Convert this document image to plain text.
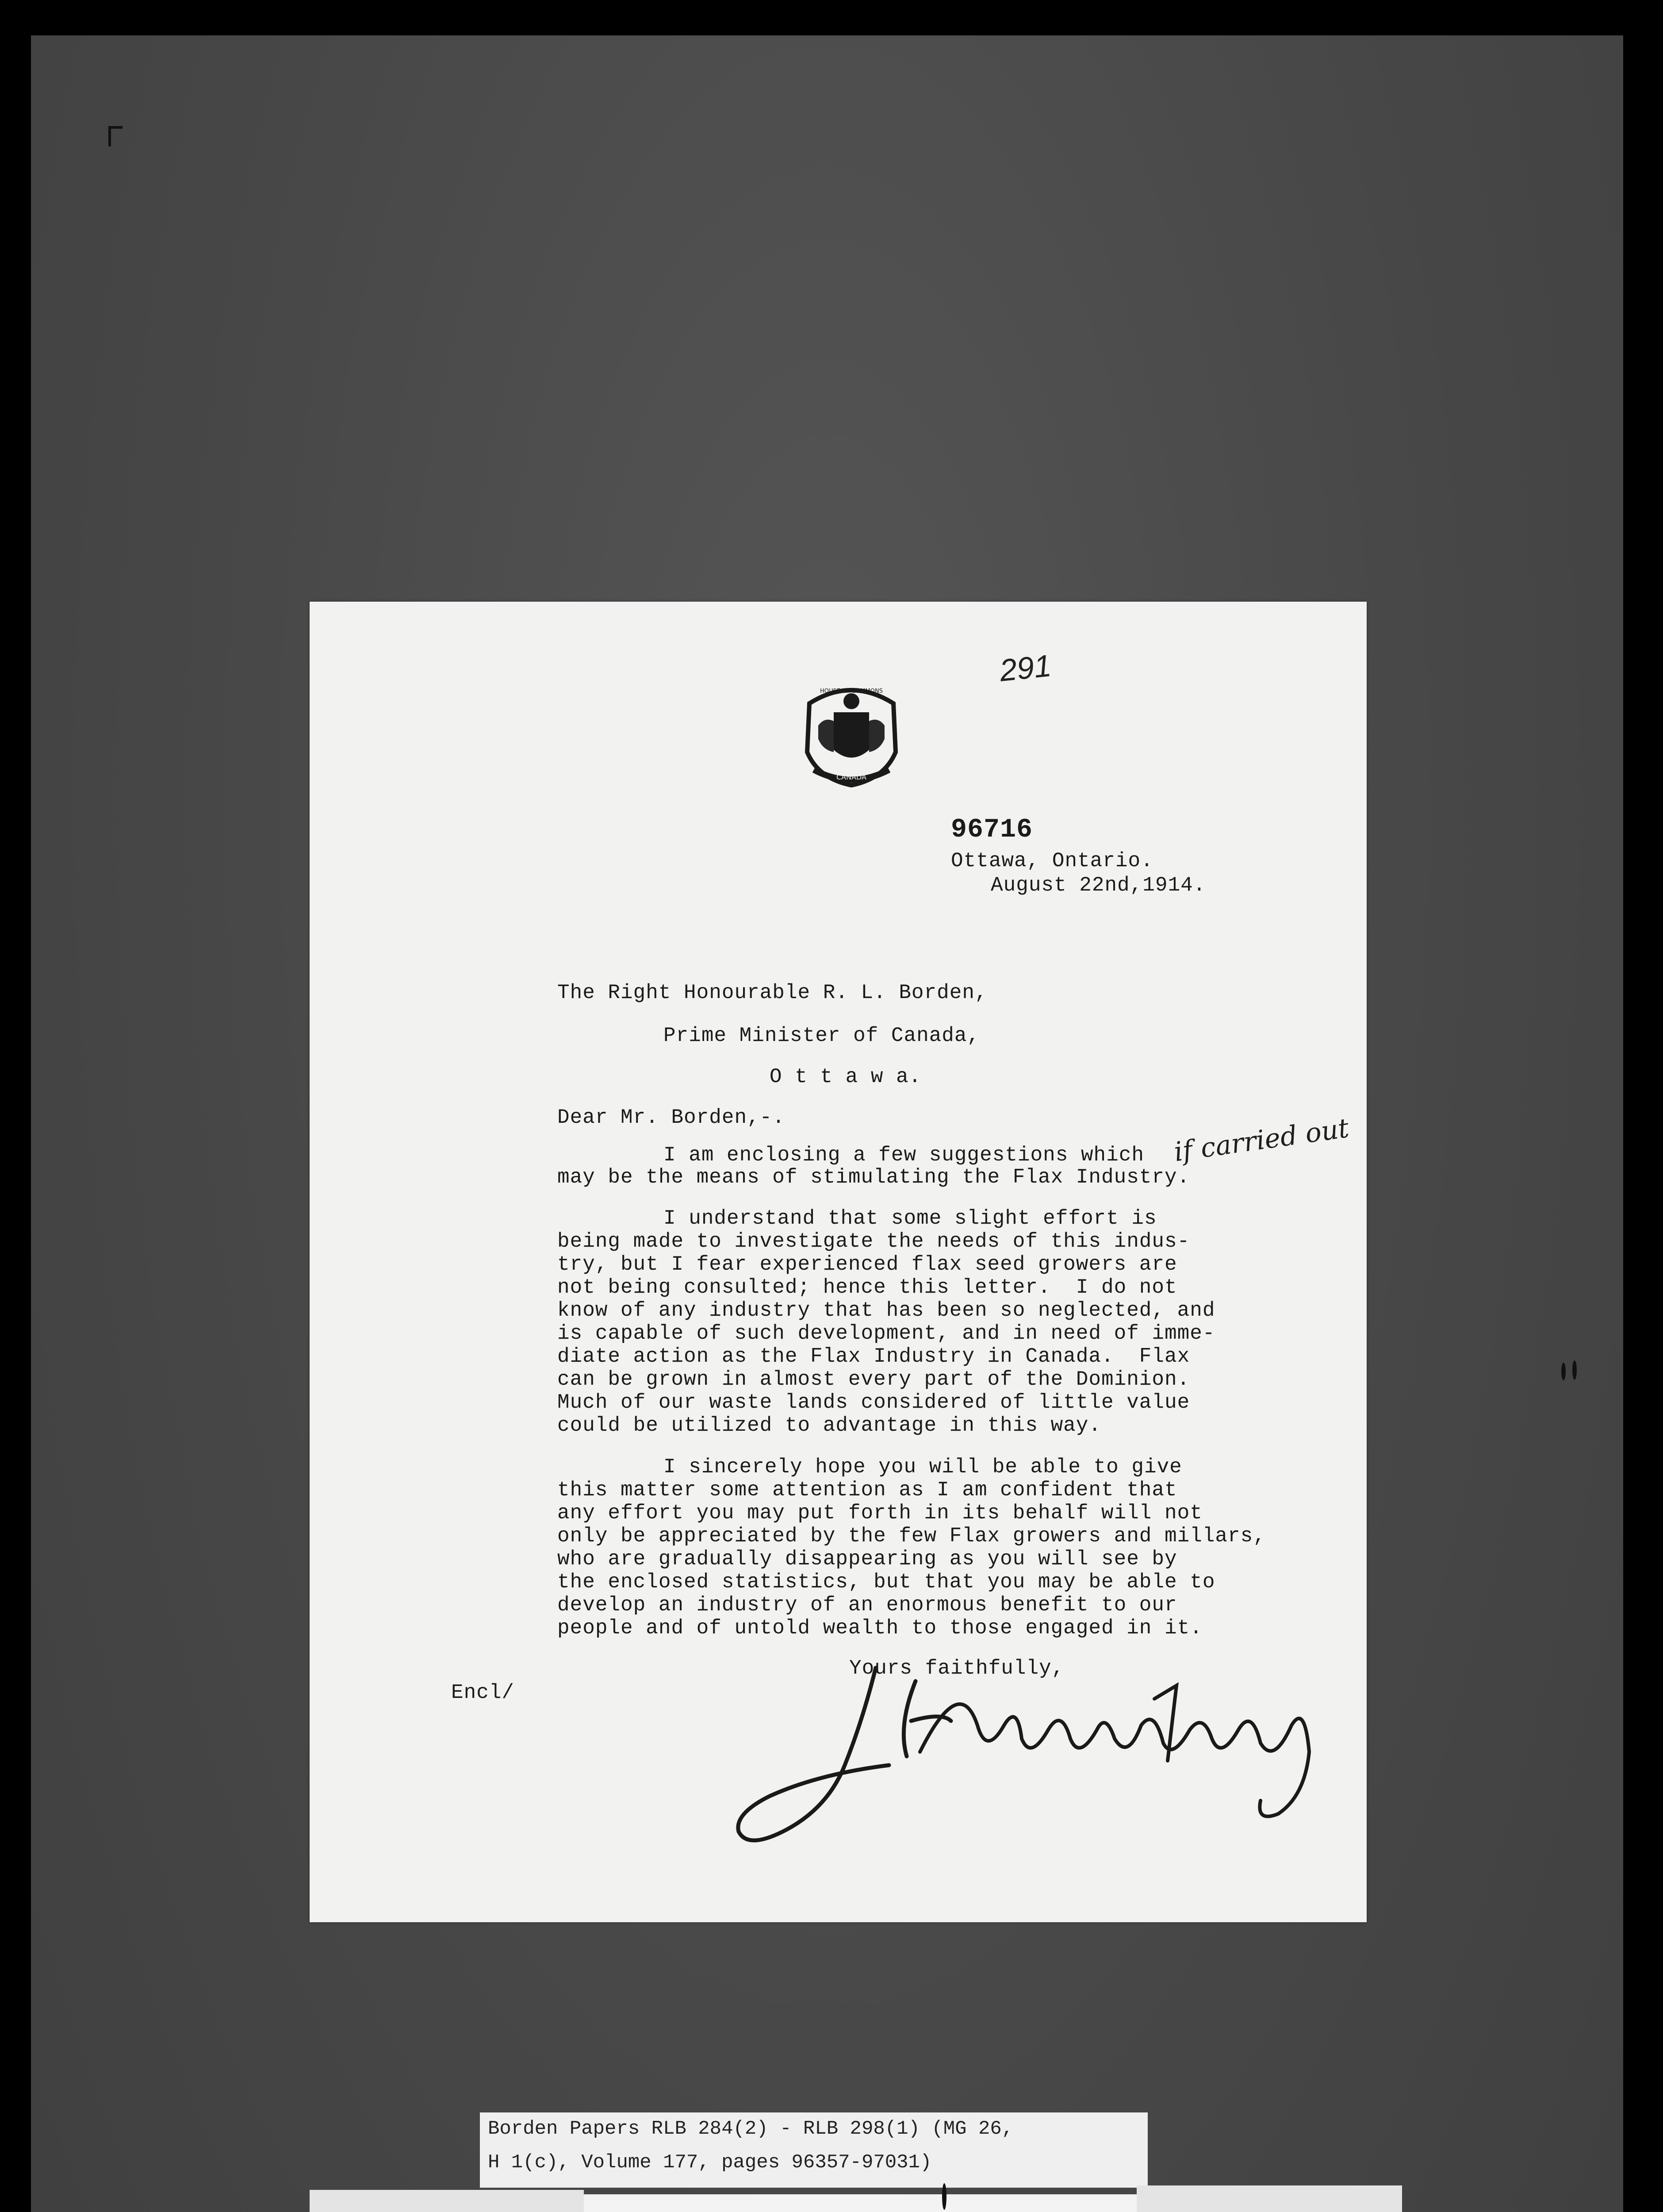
291
CANADA
HOUSE OF COMMONS
96716
Ottawa, Ontario.
August 22nd,1914.
The Right Honourable R. L. Borden,
Prime Minister of Canada,
O t t a w a.
Dear Mr. Borden,-.
I am enclosing a few suggestions which
may be the means of stimulating the Flax Industry.
I understand that some slight effort is
being made to investigate the needs of this indus-
try, but I fear experienced flax seed growers are
not being consulted; hence this letter.  I do not
know of any industry that has been so neglected, and
is capable of such development, and in need of imme-
diate action as the Flax Industry in Canada.  Flax
can be grown in almost every part of the Dominion.
Much of our waste lands considered of little value
could be utilized to advantage in this way.
I sincerely hope you will be able to give
this matter some attention as I am confident that
any effort you may put forth in its behalf will not
only be appreciated by the few Flax growers and millars,
who are gradually disappearing as you will see by
the enclosed statistics, but that you may be able to
develop an industry of an enormous benefit to our
people and of untold wealth to those engaged in it.
Yours faithfully,
Encl/
if carried out
Borden Papers RLB 284(2) - RLB 298(1) (MG 26,
H 1(c), Volume 177, pages 96357-97031)
